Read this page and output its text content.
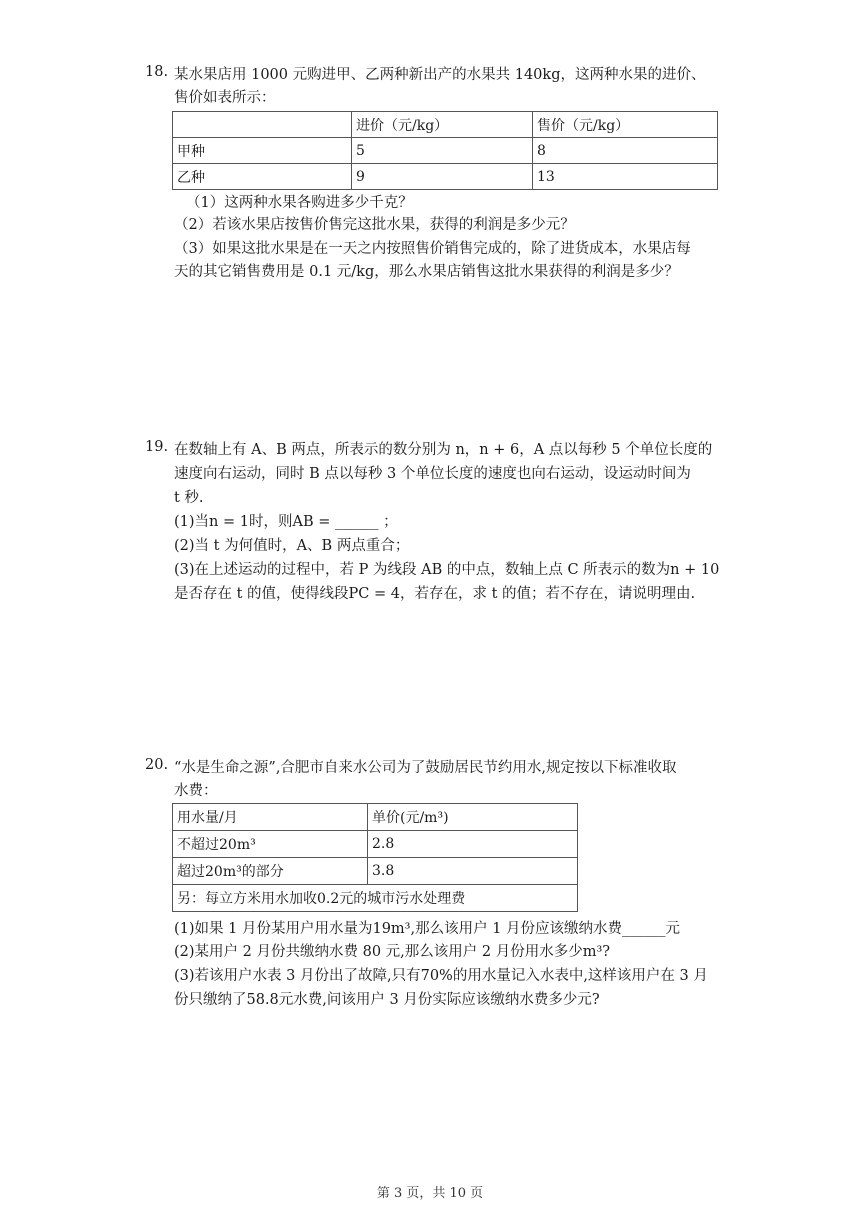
18. 某水果店用 1000 元购进甲、乙两种新出产的水果共 140kg，这两种水果的进价、
售价如表所示：
	进价（元/kg）	售价（元/kg）
甲种	5	8
乙种	9	13
（1）这两种水果各购进多少千克？
（2）若该水果店按售价售完这批水果，获得的利润是多少元？
（3）如果这批水果是在一天之内按照售价销售完成的，除了进货成本，水果店每
天的其它销售费用是 0.1 元/kg，那么水果店销售这批水果获得的利润是多少？
19. 在数轴上有 A、B 两点，所表示的数分别为 n，n + 6，A 点以每秒 5 个单位长度的
速度向右运动，同时 B 点以每秒 3 个单位长度的速度也向右运动，设运动时间为
t 秒.
(1)当n = 1时，则AB = ______ ；
(2)当 t 为何值时，A、B 两点重合；
(3)在上述运动的过程中，若 P 为线段 AB 的中点，数轴上点 C 所表示的数为n + 10
是否存在 t 的值，使得线段PC = 4，若存在，求 t 的值；若不存在，请说明理由.
20. “水是生命之源”,合肥市自来水公司为了鼓励居民节约用水,规定按以下标准收取
水费：
用水量/月	单价(元/m³)
不超过20m³	2.8
超过20m³的部分	3.8
另：每立方米用水加收0.2元的城市污水处理费	
(1)如果 1 月份某用户用水量为19m³,那么该用户 1 月份应该缴纳水费______元
(2)某用户 2 月份共缴纳水费 80 元,那么该用户 2 月份用水多少m³?
(3)若该用户水表 3 月份出了故障,只有70%的用水量记入水表中,这样该用户在 3 月
份只缴纳了58.8元水费,问该用户 3 月份实际应该缴纳水费多少元?
第 3 页，共 10 页
